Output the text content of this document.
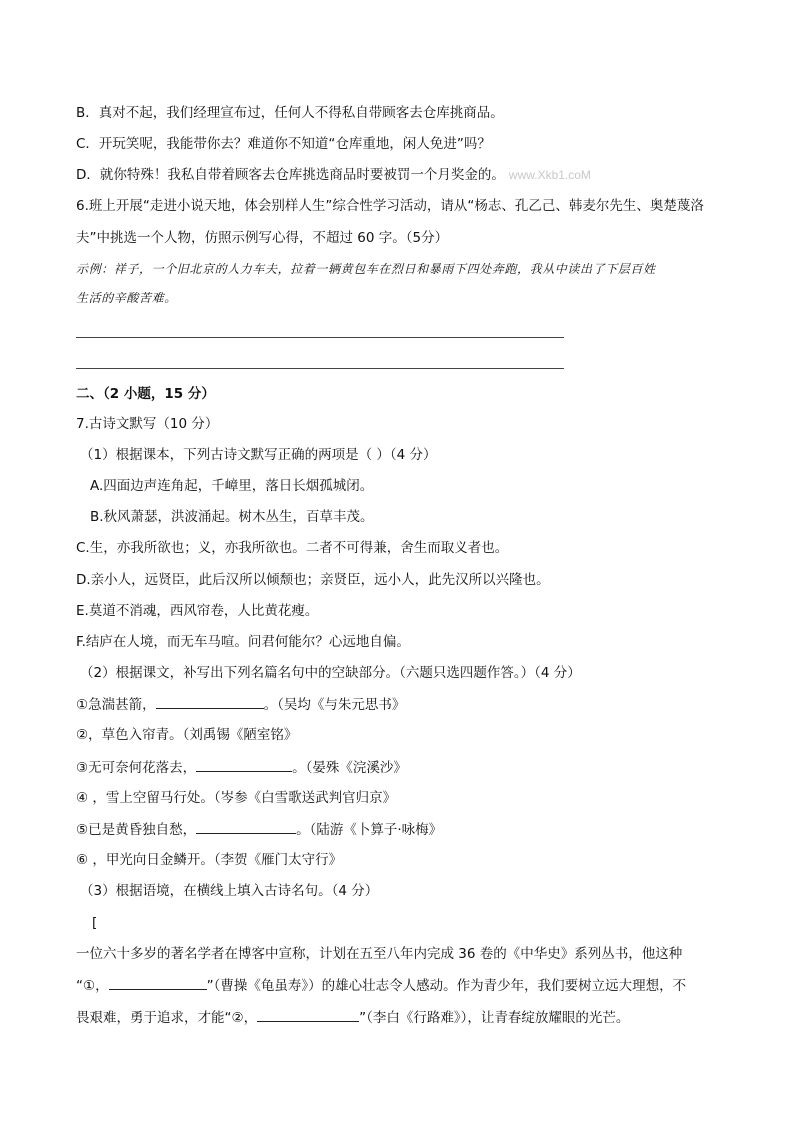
B．真对不起，我们经理宣布过，任何人不得私自带顾客去仓库挑商品。
C．开玩笑呢，我能带你去？难道你不知道“仓库重地，闲人免进”吗？
D．就你特殊！我私自带着顾客去仓库挑选商品时要被罚一个月奖金的。 www.Xkb1.coM
6.班上开展“走进小说天地，体会别样人生”综合性学习活动，请从“杨志、孔乙己、韩麦尔先生、奥楚蔑洛
夫”中挑选一个人物，仿照示例写心得，不超过 60 字。（5分）
示例：祥子，一个旧北京的人力车夫，拉着一辆黄包车在烈日和暴雨下四处奔跑，我从中读出了下层百姓
生活的辛酸苦难。
二、（2 小题，15 分）
7.古诗文默写（10 分）
（1）根据课本，下列古诗文默写正确的两项是（ ）（4 分）
A.四面边声连角起，千嶂里，落日长烟孤城闭。
B.秋风萧瑟，洪波涌起。树木丛生，百草丰茂。
C.生，亦我所欲也；义，亦我所欲也。二者不可得兼，舍生而取义者也。
D.亲小人，远贤臣，此后汉所以倾颓也；亲贤臣，远小人，此先汉所以兴隆也。
E.莫道不消魂，西风帘卷，人比黄花瘦。
F.结庐在人境，而无车马喧。问君何能尔？心远地自偏。
（2）根据课文，补写出下列名篇名句中的空缺部分。（六题只选四题作答。）（4 分）
①急湍甚箭，	。（吴均《与朱元思书》
②，草色入帘青。（刘禹锡《陋室铭》
③无可奈何花落去，	。（晏殊《浣溪沙》
④ ，雪上空留马行处。（岑参《白雪歌送武判官归京》
⑤已是黄昏独自愁，	。（陆游《卜算子·咏梅》
⑥ ，甲光向日金鳞开。（李贺《雁门太守行》
（3）根据语境，在横线上填入古诗名句。（4 分）
[
一位六十多岁的著名学者在博客中宣称，计划在五至八年内完成 36 卷的《中华史》系列丛书，他这种
“①，	”（曹操《龟虽寿》）的雄心壮志令人感动。作为青少年，我们要树立远大理想，不
畏艰难，勇于追求，才能“②，	”（李白《行路难》），让青春绽放耀眼的光芒。
